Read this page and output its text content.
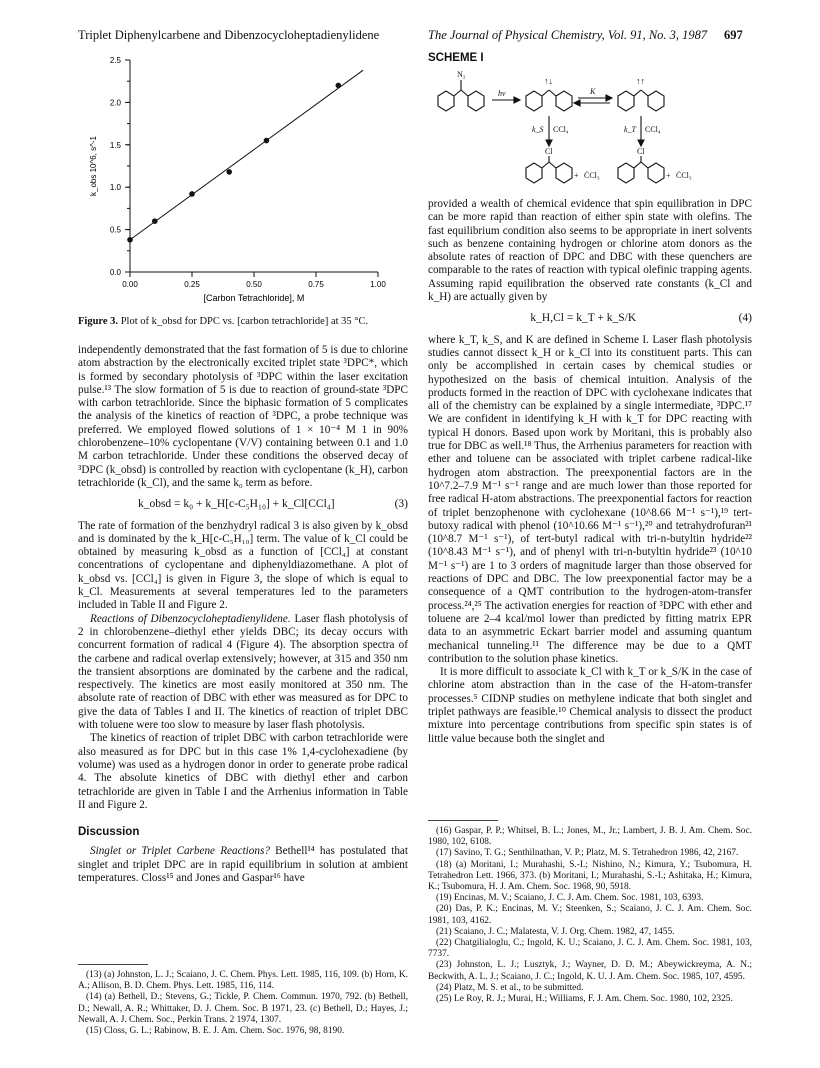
Triplet Diphenylcarbene and Dibenzocycloheptadienylidene	The Journal of Physical Chemistry, Vol. 91, No. 3, 1987 697
0.0
0.5
1.0
1.5
2.0
2.5
0.00	0.25	0.50	0.75	1.00
[Carbon Tetrachloride], M
k_obs 10^6, s^-1
Figure 3. Plot of k_obsd for DPC vs. [carbon tetrachloride] at 35 °C.
SCHEME I
N₂
hν	K
↑↓	↑↑
k_S CCl₄	k_T CCl₄
Cl	Cl
+ ĊCl₃	+ ĊCl₃

independently demonstrated that the fast formation of 5 is due to chlorine atom abstraction by the electronically excited triplet state ³DPC*, which is formed by secondary photolysis of ³DPC within the laser excitation pulse.¹³ The slow formation of 5 is due to reaction of ground-state ³DPC with carbon tetrachloride. Since the biphasic formation of 5 complicates the analysis of the kinetics of reaction of ³DPC, a probe technique was preferred. We employed flowed solutions of 1 × 10⁻⁴ M 1 in 90% chlorobenzene–10% cyclopentane (V/V) containing between 0.1 and 1.0 M carbon tetrachloride. Under these conditions the observed decay of ³DPC (k_obsd) is controlled by reaction with cyclopentane (k_H), carbon tetrachloride (k_Cl), and the same k₀ term as before.

k_obsd = k₀ + k_H[c-C₅H₁₀] + k_Cl[CCl₄]	(3)

The rate of formation of the benzhydryl radical 3 is also given by k_obsd and is dominated by the k_H[c-C₅H₁₀] term. The value of k_Cl could be obtained by measuring k_obsd as a function of [CCl₄] at constant concentrations of cyclopentane and diphenyldiazomethane. A plot of k_obsd vs. [CCl₄] is given in Figure 3, the slope of which is equal to k_Cl. Measurements at several temperatures led to the parameters included in Table II and Figure 2.

Reactions of Dibenzocycloheptadienylidene. Laser flash photolysis of 2 in chlorobenzene–diethyl ether yields DBC; its decay occurs with concurrent formation of radical 4 (Figure 4). The absorption spectra of the carbene and radical overlap extensively; however, at 315 and 350 nm the transient absorptions are dominated by the carbene and the radical, respectively. The kinetics are most easily monitored at 350 nm. The absolute rate of reaction of DBC with ether was measured as for DPC to give the data of Tables I and II. The kinetics of reaction of triplet DBC with toluene were too slow to measure by laser flash photolysis.

The kinetics of reaction of triplet DBC with carbon tetrachloride were also measured as for DPC but in this case 1% 1,4-cyclohexadiene (by volume) was used as a hydrogen donor in order to generate probe radical 4. The absolute kinetics of DBC with diethyl ether and carbon tetrachloride are given in Table I and the Arrhenius information in Table II and Figure 2.

Discussion

Singlet or Triplet Carbene Reactions? Bethell¹⁴ has postulated that singlet and triplet DPC are in rapid equilibrium in solution at ambient temperatures. Closs¹⁵ and Jones and Gaspar¹⁶ have

(13) (a) Johnston, L. J.; Scaiano, J. C. Chem. Phys. Lett. 1985, 116, 109. (b) Horn, K. A.; Allison, B. D. Chem. Phys. Lett. 1985, 116, 114.
(14) (a) Bethell, D.; Stevens, G.; Tickle, P. Chem. Commun. 1970, 792. (b) Bethell, D.; Newall, A. R.; Whittaker, D. J. Chem. Soc. B 1971, 23. (c) Bethell, D.; Hayes, J.; Newall, A. J. Chem. Soc., Perkin Trans. 2 1974, 1307.
(15) Closs, G. L.; Rabinow, B. E. J. Am. Chem. Soc. 1976, 98, 8190.

provided a wealth of chemical evidence that spin equilibration in DPC can be more rapid than reaction of either spin state with olefins. The fast equilibrium condition also seems to be appropriate in inert solvents such as benzene containing hydrogen or chlorine atom donors as the absolute rates of reaction of DPC and DBC with these quenchers are comparable to the rates of reaction with typical olefinic trapping agents. Assuming rapid equilibration the observed rate constants (k_Cl and k_H) are actually given by

k_H,Cl = k_T + k_S/K	(4)

where k_T, k_S, and K are defined in Scheme I. Laser flash photolysis studies cannot dissect k_H or k_Cl into its constituent parts. This can only be accomplished in certain cases by chemical studies or hypothesized on the basis of chemical intuition. Analysis of the products formed in the reaction of DPC with cyclohexane indicates that all of the chemistry can be explained by a single intermediate, ³DPC.¹⁷ We are confident in identifying k_H with k_T for DPC reacting with typical H donors. Based upon work by Moritani, this is probably also true for DBC as well.¹⁸ Thus, the Arrhenius parameters for reaction with ether and toluene can be associated with triplet carbene radical-like hydrogen atom abstraction. The preexponential factors are in the 10^7.2–7.9 M⁻¹ s⁻¹ range and are much lower than those reported for free radical H-atom abstractions. The preexponential factors for reaction of triplet benzophenone with cyclohexane (10^8.66 M⁻¹ s⁻¹),¹⁹ tert-butoxy radical with phenol (10^10.66 M⁻¹ s⁻¹),²⁰ and tetrahydrofuran²¹ (10^8.7 M⁻¹ s⁻¹), of tert-butyl radical with tri-n-butyltin hydride²² (10^8.43 M⁻¹ s⁻¹), and of phenyl with tri-n-butyltin hydride²³ (10^10 M⁻¹ s⁻¹) are 1 to 3 orders of magnitude larger than those observed for reactions of DPC and DBC. The low preexponential factor may be a consequence of a QMT contribution to the hydrogen-atom-transfer process.²⁴,²⁵ The activation energies for reaction of ³DPC with ether and toluene are 2–4 kcal/mol lower than predicted by fitting matrix EPR data to an asymmetric Eckart barrier model and assuming quantum mechanical tunneling.¹¹ The difference may be due to a QMT contribution to the solution phase kinetics.

It is more difficult to associate k_Cl with k_T or k_S/K in the case of chlorine atom abstraction than in the case of the H-atom-transfer processes.⁵ CIDNP studies on methylene indicate that both singlet and triplet pathways are feasible.¹⁰ Chemical analysis to dissect the product mixture into percentage contributions from specific spin states is of little value because both the singlet and

(16) Gaspar, P. P.; Whitsel, B. L.; Jones, M., Jr.; Lambert, J. B. J. Am. Chem. Soc. 1980, 102, 6108.
(17) Savino, T. G.; Senthilnathan, V. P.; Platz, M. S. Tetrahedron 1986, 42, 2167.
(18) (a) Moritani, I.; Murahashi, S.-I.; Nishino, N.; Kimura, Y.; Tsubomura, H. Tetrahedron Lett. 1966, 373. (b) Moritani, I.; Murahashi, S.-I.; Ashitaka, H.; Kimura, K.; Tsubomura, H. J. Am. Chem. Soc. 1968, 90, 5918.
(19) Encinas, M. V.; Scaiano, J. C. J. Am. Chem. Soc. 1981, 103, 6393.
(20) Das, P. K.; Encinas, M. V.; Steenken, S.; Scaiano, J. C. J. Am. Chem. Soc. 1981, 103, 4162.
(21) Scaiano, J. C.; Malatesta, V. J. Org. Chem. 1982, 47, 1455.
(22) Chatgilialoglu, C.; Ingold, K. U.; Scaiano, J. C. J. Am. Chem. Soc. 1981, 103, 7737.
(23) Johnston, L. J.; Lusztyk, J.; Wayner, D. D. M.; Abeywickreyma, A. N.; Beckwith, A. L. J.; Scaiano, J. C.; Ingold, K. U. J. Am. Chem. Soc. 1985, 107, 4595.
(24) Platz, M. S. et al., to be submitted.
(25) Le Roy, R. J.; Murai, H.; Williams, F. J. Am. Chem. Soc. 1980, 102, 2325.
